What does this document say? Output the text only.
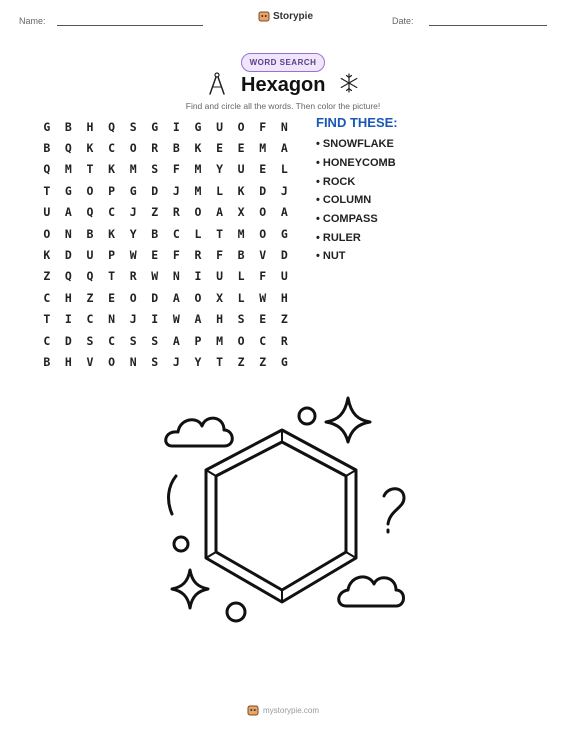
Name:	Storypie	Date:
WORD SEARCH
Hexagon
Find and circle all the words. Then color the picture!
G	B	H	Q	S	G	I	G	U	O	F	N
B	Q	K	C	O	R	B	K	E	E	M	A
Q	M	T	K	M	S	F	M	Y	U	E	L
T	G	O	P	G	D	J	M	L	K	D	J
U	A	Q	C	J	Z	R	O	A	X	O	A
O	N	B	K	Y	B	C	L	T	M	O	G
K	D	U	P	W	E	F	R	F	B	V	D
Z	Q	Q	T	R	W	N	I	U	L	F	U
C	H	Z	E	O	D	A	O	X	L	W	H
T	I	C	N	J	I	W	A	H	S	E	Z
C	D	S	C	S	S	A	P	M	O	C	R
B	H	V	O	N	S	J	Y	T	Z	Z	G
FIND THESE:
• SNOWFLAKE
• HONEYCOMB
• ROCK
• COLUMN
• COMPASS
• RULER
• NUT
mystorypie.com
